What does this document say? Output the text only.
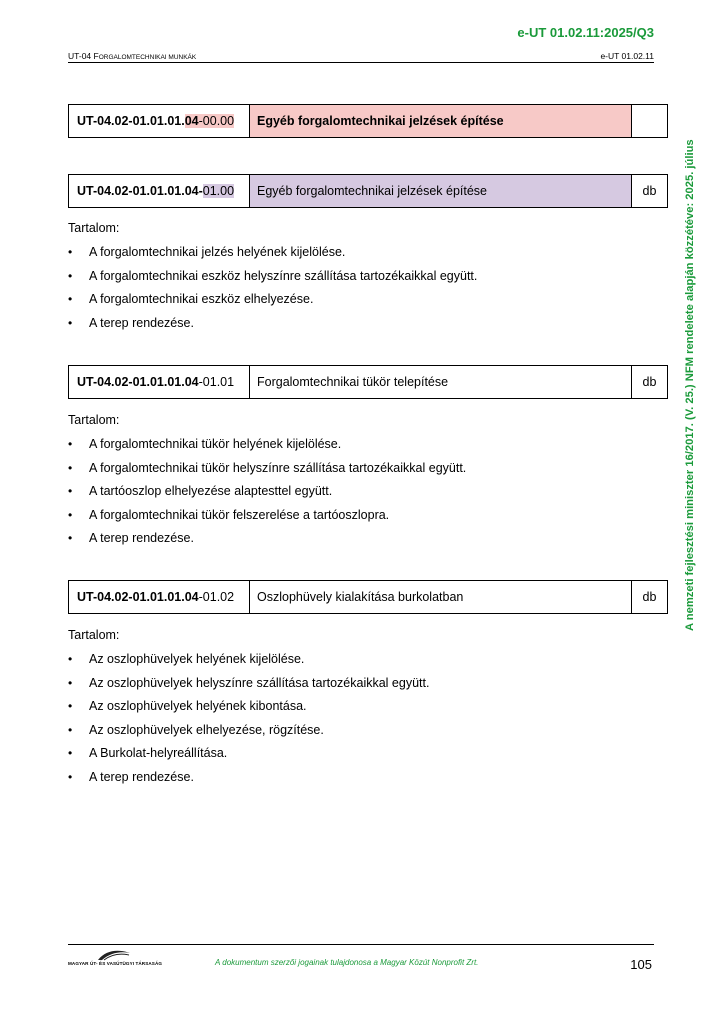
e-UT 01.02.11:2025/Q3
UT-04 FORGALOMTECHNIKAI MUNKÁK	e-UT 01.02.11
A nemzeti fejlesztési miniszter 16/2017. (V. 25.) NFM rendelete alapján közzétéve: 2025. július
UT-04.02-01.01.01. 04 -00.00	Egyéb forgalomtechnikai jelzések építése
UT-04.02-01.01.01.04- 01.00	Egyéb forgalomtechnikai jelzések építése	db
Tartalom:
• A forgalomtechnikai jelzés helyének kijelölése.
• A forgalomtechnikai eszköz helyszínre szállítása tartozékaikkal együtt.
• A forgalomtechnikai eszköz elhelyezése.
• A terep rendezése.
UT-04.02-01.01.01.04 -01.01	Forgalomtechnikai tükör telepítése	db
Tartalom:
• A forgalomtechnikai tükör helyének kijelölése.
• A forgalomtechnikai tükör helyszínre szállítása tartozékaikkal együtt.
• A tartóoszlop elhelyezése alaptesttel együtt.
• A forgalomtechnikai tükör felszerelése a tartóoszlopra.
• A terep rendezése.
UT-04.02-01.01.01.04 -01.02	Oszlophüvely kialakítása burkolatban	db
Tartalom:
• Az oszlophüvelyek helyének kijelölése.
• Az oszlophüvelyek helyszínre szállítása tartozékaikkal együtt.
• Az oszlophüvelyek helyének kibontása.
• Az oszlophüvelyek elhelyezése, rögzítése.
• A Burkolat-helyreállítása.
• A terep rendezése.
MAGYAR ÚT- ÉS VASÚTÜGYI TÁRSASÁG	A dokumentum szerzői jogainak tulajdonosa a Magyar Közút Nonprofit Zrt.	105
